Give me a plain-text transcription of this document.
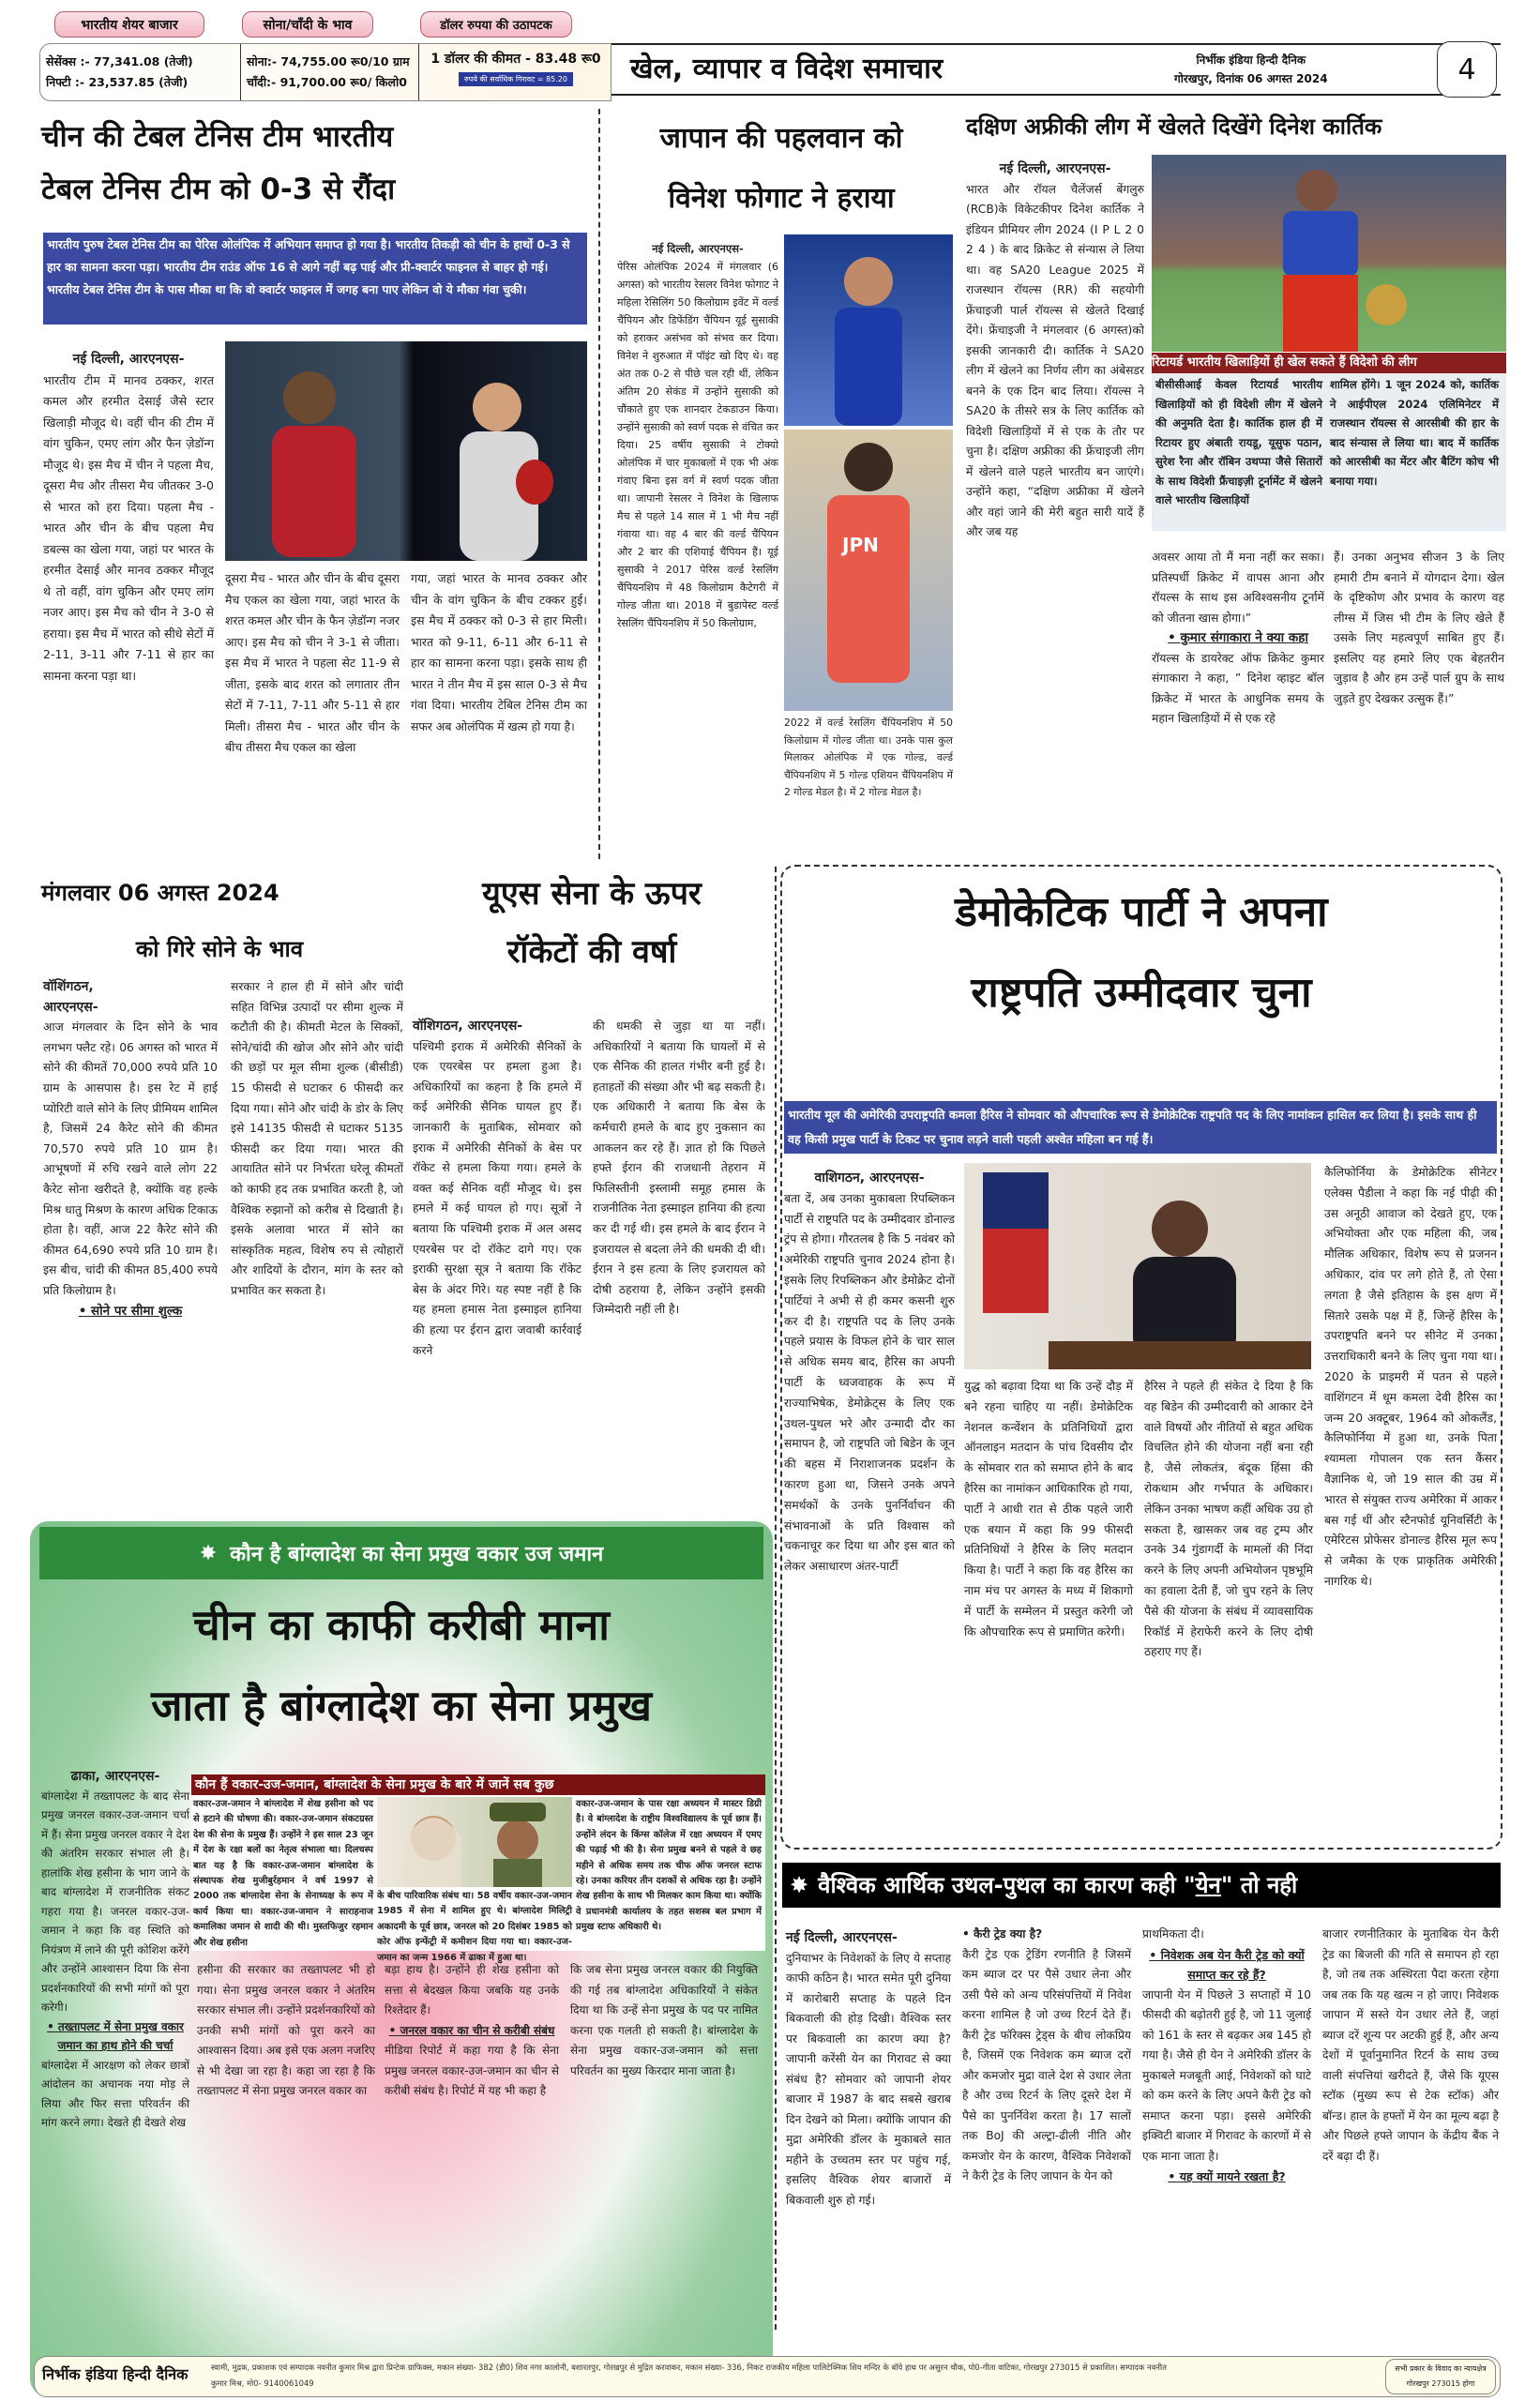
भारतीय शेयर बाजार	सोना/चाँदी के भाव	डॉलर रुपया की उठापटक
सेसेंक्स :- 77,341.08 (तेजी)
निफ्टी :- 23,537.85 (तेजी)
सोना:- 74,755.00 रू0/10 ग्राम
चाँदी:- 91,700.00 रू0/ किलो0
1 डॉलर की कीमत - 83.48 रू0
रुपये की सर्वाधिक गिरावट = 85.20	खेल, व्यापार व विदेश समाचार	निर्भीक इंडिया हिन्दी दैनिक
गोरखपुर, दिनांक 06 अगस्त 2024	4
चीन की टेबल टेनिस टीम भारतीय
टेबल टेनिस टीम को 0-3 से रौंदा
भारतीय पुरुष टेबल टेनिस टीम का पेरिस ओलंपिक में अभियान समाप्त हो गया है। भारतीय तिकड़ी को चीन के हाथों 0-3 से हार का सामना करना पड़ा। भारतीय टीम राउंड ऑफ 16 से आगे नहीं बढ़ पाई और प्री-क्वार्टर फाइनल से बाहर हो गई। भारतीय टेबल टेनिस टीम के पास मौका था कि वो क्वार्टर फाइनल में जगह बना पाए लेकिन वो ये मौका गंवा चुकी।
नई दिल्ली, आरएनएस-
भारतीय टीम में मानव ठक्कर, शरत कमल और हरमीत देसाई जैसे स्टार खिलाड़ी मौजूद थे। वहीं चीन की टीम में वांग चुकिन, एमए लांग और फैन ज़ेडॉन्ग मौजूद थे। इस मैच में चीन ने पहला मैच, दूसरा मैच और तीसरा मैच जीतकर 3-0 से भारत को हरा दिया। पहला मैच - भारत और चीन के बीच पहला मैच डबल्स का खेला गया, जहां पर भारत के हरमीत देसाई और मानव ठक्कर मौजूद थे तो वहीं, वांग चुकिन और एमए लांग नजर आए। इस मैच को चीन ने 3-0 से हराया। इस मैच में भारत को सीधे सेटों में 2-11, 3-11 और 7-11 से हार का सामना करना पड़ा था।
दूसरा मैच - भारत और चीन के बीच दूसरा मैच एकल का खेला गया, जहां भारत के शरत कमल और चीन के फैन ज़ेडॉन्ग नजर आए। इस मैच को चीन ने 3-1 से जीता। इस मैच में भारत ने पहला सेट 11-9 से जीता, इसके बाद शरत को लगातार तीन सेटों में 7-11, 7-11 और 5-11 से हार मिली। तीसरा मैच - भारत और चीन के बीच तीसरा मैच एकल का खेला
गया, जहां भारत के मानव ठक्कर और चीन के वांग चुकिन के बीच टक्कर हुई। इस मैच में ठक्कर को 0-3 से हार मिली। भारत को 9-11, 6-11 और 6-11 से हार का सामना करना पड़ा। इसके साथ ही भारत ने तीन मैच में इस साल 0-3 से मैच गंवा दिया। भारतीय टेबिल टेनिस टीम का सफर अब ओलंपिक में खत्म हो गया है।
जापान की पहलवान को
विनेश फोगाट ने हराया
नई दिल्ली, आरएनएस-
पेरिस ओलंपिक 2024 में मंगलवार (6 अगस्त) को भारतीय रेसलर विनेश फोगाट ने महिला रेसिलिंग 50 किलोग्राम इवेंट में वर्ल्ड चैंपियन और डिफेंडिंग चैंपियन यूई सुसाकी को हराकर असंभव को संभव कर दिया। विनेश ने शुरुआत में पॉइंट खो दिए थे। वह अंत तक 0-2 से पीछे चल रही थीं, लेकिन अंतिम 20 सेकंड में उन्होंने सुसाकी को चौंकाते हुए एक शानदार टेकडाउन किया। उन्होंने सुसाकी को स्वर्ण पदक से वंचित कर दिया। 25 वर्षीय सुसाकी ने टोक्यो ओलंपिक में चार मुकाबलों में एक भी अंक गंवाए बिना इस वर्ग में स्वर्ण पदक जीता था। जापानी रेसलर ने विनेश के खिलाफ मैच से पहले 14 साल में 1 भी मैच नहीं गंवाया था। वह 4 बार की वर्ल्ड चैंपियन और 2 बार की एशियाई चैंपियन हैं। यूई सुसाकी ने 2017 पेरिस वर्ल्ड रेसलिंग चैंपियनशिप में 48 किलोग्राम कैटेगरी में गोल्ड जीता था। 2018 में बुडापेस्ट वर्ल्ड रेसलिंग चैंपियनशिप में 50 किलोग्राम,
JPN
2022 में वर्ल्ड रेसलिंग चैंपियनशिप में 50 किलोग्राम में गोल्ड जीता था। उनके पास कुल मिलाकर ओलंपिक में एक गोल्ड, वर्ल्ड चैंपियनशिप में 5 गोल्ड एशियन चैंपियनशिप में 2 गोल्ड मेडल है। में 2 गोल्ड मेडल है।
दक्षिण अफ्रीकी लीग में खेलते दिखेंगे दिनेश कार्तिक
नई दिल्ली, आरएनएस-
भारत और रॉयल चैलेंजर्स बेंगलुरु (RCB)के विकेटकीपर दिनेश कार्तिक ने इंडियन प्रीमियर लीग 2024 (I P L 2 0 2 4 ) के बाद क्रिकेट से संन्यास ले लिया था। वह SA20 League 2025 में राजस्थान रॉयल्स (RR) की सहयोगी फ्रेंचाइजी पार्ल रॉयल्स से खेलते दिखाई देंगे। फ्रेंचाइजी ने मंगलवार (6 अगस्त)को इसकी जानकारी दी। कार्तिक ने SA20 लीग में खेलने का निर्णय लीग का अंबेसडर बनने के एक दिन बाद लिया। रॉयल्स ने SA20 के तीसरे सत्र के लिए कार्तिक को विदेशी खिलाड़ियों में से एक के तौर पर चुना है। दक्षिण अफ्रीका की फ्रेंचाइजी लीग में खेलने वाले पहले भारतीय बन जाएंगे। उन्होंने कहा, “दक्षिण अफ्रीका में खेलने और वहां जाने की मेरी बहुत सारी यादें हैं और जब यह
रिटायर्ड भारतीय खिलाड़ियों ही खेल सकते हैं विदेशो की लीग
बीसीसीआई केवल रिटायर्ड भारतीय खिलाड़ियों को ही विदेशी लीग में खेलने की अनुमति देता है। कार्तिक हाल ही में रिटायर हुए अंबाती रायडू, यूसुफ पठान, सुरेश रैना और रॉबिन उथप्पा जैसे सितारों के साथ विदेशी फ्रैंचाइज़ी टूर्नामेंट में खेलने वाले भारतीय खिलाड़ियों
शामिल होंगे। 1 जून 2024 को, कार्तिक ने आईपीएल 2024 एलिमिनेटर में राजस्थान रॉयल्स से आरसीबी की हार के बाद संन्यास ले लिया था। बाद में कार्तिक को आरसीबी का मेंटर और बैटिंग कोच भी बनाया गया।
अवसर आया तो मैं मना नहीं कर सका। प्रतिस्पर्धी क्रिकेट में वापस आना और रॉयल्स के साथ इस अविश्वसनीय टूर्नामें को जीतना खास होगा।”
• कुमार संगाकारा ने क्या कहा
रॉयल्स के डायरेक्ट ऑफ क्रिकेट कुमार संगाकारा ने कहा, ” दिनेश व्हाइट बॉल क्रिकेट में भारत के आधुनिक समय के महान खिलाड़ियों में से एक रहे
हैं। उनका अनुभव सीजन 3 के लिए हमारी टीम बनाने में योगदान देगा। खेल के दृष्टिकोण और प्रभाव के कारण वह लीग्स में जिस भी टीम के लिए खेले हैं उसके लिए महत्वपूर्ण साबित हुए हैं। इसलिए यह हमारे लिए एक बेहतरीन जुड़ाव है और हम उन्हें पार्ल ग्रुप के साथ जुड़ते हुए देखकर उत्सुक हैं।”
मंगलवार 06 अगस्त 2024
को गिरे सोने के भाव
वॉशिंगठन,
आरएनएस-
आज मंगलवार के दिन सोने के भाव लगभग फ्लैट रहे। 06 अगस्त को भारत में सोने की कीमतें 70,000 रुपये प्रति 10 ग्राम के आसपास है। इस रेट में हाई प्योरिटी वाले सोने के लिए प्रीमियम शामिल है, जिसमें 24 कैरेट सोने की कीमत 70,570 रुपये प्रति 10 ग्राम है। आभूषणों में रुचि रखने वाले लोग 22 कैरेट सोना खरीदते है, क्योंकि वह हल्के मिश्र धातु मिश्रण के कारण अधिक टिकाऊ होता है। वहीं, आज 22 कैरेट सोने की कीमत 64,690 रुपये प्रति 10 ग्राम है। इस बीच, चांदी की कीमत 85,400 रुपये प्रति किलोग्राम है।
• सोने पर सीमा शुल्क
सरकार ने हाल ही में सोने और चांदी सहित विभिन्न उत्पादों पर सीमा शुल्क में कटौती की है। कीमती मेटल के सिक्कों, सोने/चांदी की खोज और सोने और चांदी की छड़ों पर मूल सीमा शुल्क (बीसीडी) 15 फीसदी से घटाकर 6 फीसदी कर दिया गया। सोने और चांदी के डोर के लिए इसे 14135 फीसदी से घटाकर 5135 फीसदी कर दिया गया। भारत की आयातित सोने पर निर्भरता घरेलू कीमतों को काफी हद तक प्रभावित करती है, जो वैश्विक रुझानों को करीब से दिखाती है। इसके अलावा भारत में सोने का सांस्कृतिक महत्व, विशेष रुप से त्योहारों और शादियों के दौरान, मांग के स्तर को प्रभावित कर सकता है।
यूएस सेना के ऊपर
रॉकेटों की वर्षा
वॉशिगठन, आरएनएस-
पश्चिमी इराक में अमेरिकी सैनिकों के एक एयरबेस पर हमला हुआ है। अधिकारियों का कहना है कि हमले में कई अमेरिकी सैनिक घायल हुए हैं। जानकारी के मुताबिक, सोमवार को इराक में अमेरिकी सैनिकों के बेस पर रॉकेट से हमला किया गया। हमले के वक्त कई सैनिक वहीं मौजूद थे। इस हमले में कई घायल हो गए। सूत्रों ने बताया कि पश्चिमी इराक में अल असद एयरबेस पर दो रॉकेट दागे गए। एक इराकी सुरक्षा सूत्र ने बताया कि रॉकेट बेस के अंदर गिरे। यह स्पष्ट नहीं है कि यह हमला हमास नेता इस्माइल हानिया की हत्या पर ईरान द्वारा जवाबी कार्रवाई करने
की धमकी से जुड़ा था या नहीं। अधिकारियों ने बताया कि घायलों में से एक सैनिक की हालत गंभीर बनी हुई है। हताहतों की संख्या और भी बढ़ सकती है। एक अधिकारी ने बताया कि बेस के कर्मचारी हमले के बाद हुए नुकसान का आकलन कर रहे हैं। ज्ञात हो कि पिछले हफ्ते ईरान की राजधानी तेहरान में फिलिस्तीनी इस्लामी समूह हमास के राजनीतिक नेता इस्माइल हानिया की हत्या कर दी गई थी। इस हमले के बाद ईरान ने इजरायल से बदला लेने की धमकी दी थी। ईरान ने इस हत्या के लिए इजरायल को दोषी ठहराया है, लेकिन उन्होंने इसकी जिम्मेदारी नहीं ली है।
डेमोकेटिक पार्टी ने अपना
राष्ट्रपति उम्मीदवार चुना
भारतीय मूल की अमेरिकी उपराष्ट्रपति कमला हैरिस ने सोमवार को औपचारिक रूप से डेमोक्रेटिक राष्ट्रपति पद के लिए नामांकन हासिल कर लिया है। इसके साथ ही वह किसी प्रमुख पार्टी के टिकट पर चुनाव लड़ने वाली पहली अश्वेत महिला बन गई हैं।
वाशिगठन, आरएनएस-
बता दें, अब उनका मुकाबला रिपब्लिकन पार्टी से राष्ट्रपति पद के उम्मीदवार डोनाल्ड ट्रंप से होगा। गौरतलब है कि 5 नवंबर को अमेरिकी राष्ट्रपति चुनाव 2024 होना है। इसके लिए रिपब्लिकन और डेमोक्रेट दोनों पार्टियां ने अभी से ही कमर कसनी शुरु कर दी है। राष्ट्रपति पद के लिए उनके पहले प्रयास के विफल होने के चार साल से अधिक समय बाद, हैरिस का अपनी पार्टी के ध्वजवाहक के रूप में राज्याभिषेक, डेमोक्रेट्स के लिए एक उथल-पुथल भरे और उन्मादी दौर का समापन है, जो राष्ट्रपति जो बिडेन के जून की बहस में निराशाजनक प्रदर्शन के कारण हुआ था, जिसने उनके अपने समर्थकों के उनके पुनर्निर्वाचन की संभावनाओं के प्रति विश्वास को चकनाचूर कर दिया था और इस बात को लेकर असाधारण अंतर-पार्टी
युद्ध को बढ़ावा दिया था कि उन्हें दौड़ में बने रहना चाहिए या नहीं। डेमोक्रेटिक नेशनल कन्वेंशन के प्रतिनिधियों द्वारा ऑनलाइन मतदान के पांच दिवसीय दौर के सोमवार रात को समाप्त होने के बाद हैरिस का नामांकन आधिकारिक हो गया, पार्टी ने आधी रात से ठीक पहले जारी एक बयान में कहा कि 99 फीसदी प्रतिनिधियों ने हैरिस के लिए मतदान किया है। पार्टी ने कहा कि वह हैरिस का नाम मंच पर अगस्त के मध्य में शिकागो में पार्टी के सम्मेलन में प्रस्तुत करेगी जो कि औपचारिक रूप से प्रमाणित करेगी।
हैरिस ने पहले ही संकेत दे दिया है कि वह बिडेन की उम्मीदवारी को आकार देने वाले विषयों और नीतियों से बहुत अधिक विचलित होने की योजना नहीं बना रही है, जैसे लोकतंत्र, बंदूक हिंसा की रोकथाम और गर्भपात के अधिकार। लेकिन उनका भाषण कहीं अधिक उग्र हो सकता है, खासकर जब वह ट्रम्प और उनके 34 गुंडागर्दी के मामलों की निंदा करने के लिए अपनी अभियोजन पृष्ठभूमि का हवाला देती हैं, जो चुप रहने के लिए पैसे की योजना के संबंध में व्यावसायिक रिकॉर्ड में हेराफेरी करने के लिए दोषी ठहराए गए हैं।
कैलिफोर्निया के डेमोक्रेटिक सीनेटर एलेक्स पैडीला ने कहा कि नई पीढ़ी की उस अनूठी आवाज को देखते हुए, एक अभियोक्ता और एक महिला की, जब मौलिक अधिकार, विशेष रूप से प्रजनन अधिकार, दांव पर लगे होते हैं, तो ऐसा लगता है जैसे इतिहास के इस क्षण में सितारे उसके पक्ष में हैं, जिन्हें हैरिस के उपराष्ट्रपति बनने पर सीनेट में उनका उत्तराधिकारी बनने के लिए चुना गया था। 2020 के प्राइमरी में पतन से पहले वाशिंगटन में धूम कमला देवी हैरिस का जन्म 20 अक्टूबर, 1964 को ओकलैंड, कैलिफोर्निया में हुआ था, उनके पिता श्यामला गोपालन एक स्तन कैंसर वैज्ञानिक थे, जो 19 साल की उम्र में भारत से संयुक्त राज्य अमेरिका में आकर बस गई थीं और स्टैनफोर्ड यूनिवर्सिटी के एमेरिटस प्रोफेसर डोनाल्ड हैरिस मूल रूप से जमैका के एक प्राकृतिक अमेरिकी नागरिक थे।
✸ कौन है बांग्लादेश का सेना प्रमुख वकार उज जमान
चीन का काफी करीबी माना
जाता है बांग्लादेश का सेना प्रमुख
ढाका, आरएनएस-
बांग्लादेश में तख्तापलट के बाद सेना प्रमुख जनरल वकार-उज-जमान चर्चा में हैं। सेना प्रमुख जनरल वकार ने देश की अंतरिम सरकार संभाल ली है। हालांकि शेख हसीना के भाग जाने के बाद बांग्लादेश में राजनीतिक संकट गहरा गया है। जनरल वकार-उज-जमान ने कहा कि वह स्थिति को नियंत्रण में लाने की पूरी कोशिश करेंगे और उन्होंने आश्वासन दिया कि सेना प्रदर्शनकारियों की सभी मांगों को पूरा करेगी।
• तख्तापलट में सेना प्रमुख वकार जमान का हाथ होने की चर्चा
बांग्लादेश में आरक्षण को लेकर छात्रों आंदोलन का अचानक नया मोड़ ले लिया और फिर सत्ता परिवर्तन की मांग करने लगा। देखते ही देखते शेख
कौन हैं वकार-उज-जमान, बांग्लादेश के सेना प्रमुख के बारे में जानें सब कुछ
वकार-उज-जमान ने बांग्लादेश में शेख हसीना को पद से हटाने की घोषणा की। वकार-उज-जमान संकटग्रस्त देश की सेना के प्रमुख हैं। उन्होंने ने इस साल 23 जून में देश के रक्षा बलों का नेतृत्व संभाला था। दिलचस्प बात यह है कि वकार-उज-जमान बांग्लादेश के संस्थापक शेख मुजीबुर्रहमान ने वर्ष 1997 से 2000 तक बांग्लादेश सेना के सेनाध्यक्ष के रूप में कार्य किया था। वकार-उज-जमान ने साराहनाज कमालिका जमान से शादी की थी। मुस्तफिजुर रहमान और शेख हसीना
के बीच पारिवारिक संबंध था। 58 वर्षीय वकार-उज-जमान 1985 में सेना में शामिल हुए थे। बांग्लादेश मिलिट्री अकादमी के पूर्व छात्र, जनरल को 20 दिसंबर 1985 को कोर ऑफ इन्फेंट्री में कमीशन दिया गया था। वकार-उज-जमान का जन्म 1966 में ढाका में हुआ था।
वकार-उज-जमान के पास रक्षा अध्ययन में मास्टर डिग्री है। वे बांग्लादेश के राष्ट्रीय विश्वविद्यालय के पूर्व छात्र हैं। उन्होंने लंदन के किंग्स कॉलेज में रक्षा अध्ययन में एमए की पढ़ाई भी की है। सेना प्रमुख बनने से पहले वे छह महीने से अधिक समय तक चीफ ऑफ जनरल स्टाफ रहे। उनका करियर तीन दशकों से अधिक रहा है। उन्होंने शेख हसीना के साथ भी मिलकर काम किया था। क्योंकि वे प्रधानमंत्री कार्यालय के तहत सशस्त्र बल प्रभाग में प्रमुख स्टाफ अधिकारी थे।
हसीना की सरकार का तख्तापलट भी हो गया। सेना प्रमुख जनरल वकार ने अंतरिम सरकार संभाल ली। उन्होंने प्रदर्शनकारियों को उनकी सभी मांगों को पूरा करने का आश्वासन दिया। अब इसे एक अलग नजरिए से भी देखा जा रहा है। कहा जा रहा है कि तख्तापलट में सेना प्रमुख जनरल वकार का
बड़ा हाथ है। उन्होंने ही शेख हसीना को सत्ता से बेदखल किया जबकि यह उनके रिश्तेदार हैं।
• जनरल वकार का चीन से करीबी संबंध
मीडिया रिपोर्ट में कहा गया है कि सेना प्रमुख जनरल वकार-उज-जमान का चीन से करीबी संबंध है। रिपोर्ट में यह भी कहा है
कि जब सेना प्रमुख जनरल वकार की नियुक्ति की गई तब बांग्लादेश अधिकारियों ने संकेत दिया था कि उन्हें सेना प्रमुख के पद पर नामित करना एक गलती हो सकती है। बांग्लादेश के सेना प्रमुख वकार-उज-जमान को सत्ता परिवर्तन का मुख्य किरदार माना जाता है।
✸ वैश्विक आर्थिक उथल-पुथल का कारण कही "येन" तो नही
नई दिल्ली, आरएनएस-
दुनियाभर के निवेशकों के लिए ये सप्ताह काफी कठिन है। भारत समेत पूरी दुनिया में कारोबारी सप्ताह के पहले दिन बिकवाली की होड़ दिखी। वैश्विक स्तर पर बिकवाली का कारण क्या है? जापानी करेंसी येन का गिरावट से क्या संबंध है? सोमवार को जापानी शेयर बाजार में 1987 के बाद सबसे खराब दिन देखने को मिला। क्योंकि जापान की मुद्रा अमेरिकी डॉलर के मुकाबले सात महीने के उच्चतम स्तर पर पहुंच गई, इसलिए वैश्विक शेयर बाजारों में बिकवाली शुरु हो गई।
• कैरी ट्रेड क्या है?
कैरी ट्रेड एक ट्रेडिंग रणनीति है जिसमें कम ब्याज दर पर पैसे उधार लेना और उसी पैसे को अन्य परिसंपत्तियों में निवेश करना शामिल है जो उच्च रिटर्न देते हैं। कैरी ट्रेड फॉरेक्स ट्रेड्स के बीच लोकप्रिय है, जिसमें एक निवेशक कम ब्याज दरों और कमजोर मुद्रा वाले देश से उधार लेता है और उच्च रिटर्न के लिए दूसरे देश में पैसे का पुनर्निवेश करता है। 17 सालों तक BoJ की अल्ट्रा-ढीली नीति और कमजोर येन के कारण, वैश्विक निवेशकों ने कैरी ट्रेड के लिए जापान के येन को
प्राथमिकता दी।
• निवेशक अब येन कैरी ट्रेड को क्यों समाप्त कर रहे हैं?
जापानी येन में पिछले 3 सप्ताहों में 10 फीसदी की बढ़ोतरी हुई है, जो 11 जुलाई को 161 के स्तर से बढ़कर अब 145 हो गया है। जैसे ही येन ने अमेरिकी डॉलर के मुकाबले मजबूती आई, निवेशकों को घाटे को कम करने के लिए अपने कैरी ट्रेड को समाप्त करना पड़ा। इससे अमेरिकी इक्विटी बाजार में गिरावट के कारणों में से एक माना जाता है।
• यह क्यों मायने रखता है?
बाजार रणनीतिकार के मुताबिक येन कैरी ट्रेड का बिजली की गति से समापन हो रहा है, जो तब तक अस्थिरता पैदा करता रहेगा जब तक कि यह खत्म न हो जाए। निवेशक जापान में सस्ते येन उधार लेते हैं, जहां ब्याज दरें शून्य पर अटकी हुई हैं, और अन्य देशों में पूर्वानुमानित रिटर्न के साथ उच्च वाली संपत्तियां खरीदते हैं, जैसे कि यूएस स्टॉक (मुख्य रूप से टेक स्टॉक) और बॉन्ड। हाल के हफ्तों में येन का मूल्य बढ़ा है और पिछले हफ्ते जापान के केंद्रीय बैंक ने दरें बढ़ा दी हैं।
निर्भीक इंडिया हिन्दी दैनिक	स्वामी, मुद्रक, प्रकाशक एवं सम्पादक नवनीत कुमार मिश्र द्वारा प्रिन्टेक ग्राफिक्स, मकान संख्या- 382 (डी0) शिव नगर कालोनी, बशारतपुर, गोरखपुर से मुद्रित करवाकर, मकान संख्या- 336, निकट राजकीय महिला पालिटेक्निक शिव मन्दिर के बॉये हाथ पर असुरन चौक, पो0-गीता वाटिका, गोरखपुर 273015 से प्रकाशित। सम्पादक नवनीत कुमार मिश्र, मो0- 9140061049
सभी प्रकार के विवाद का न्यायक्षेत्र गोरखपुर 273015 होगा
